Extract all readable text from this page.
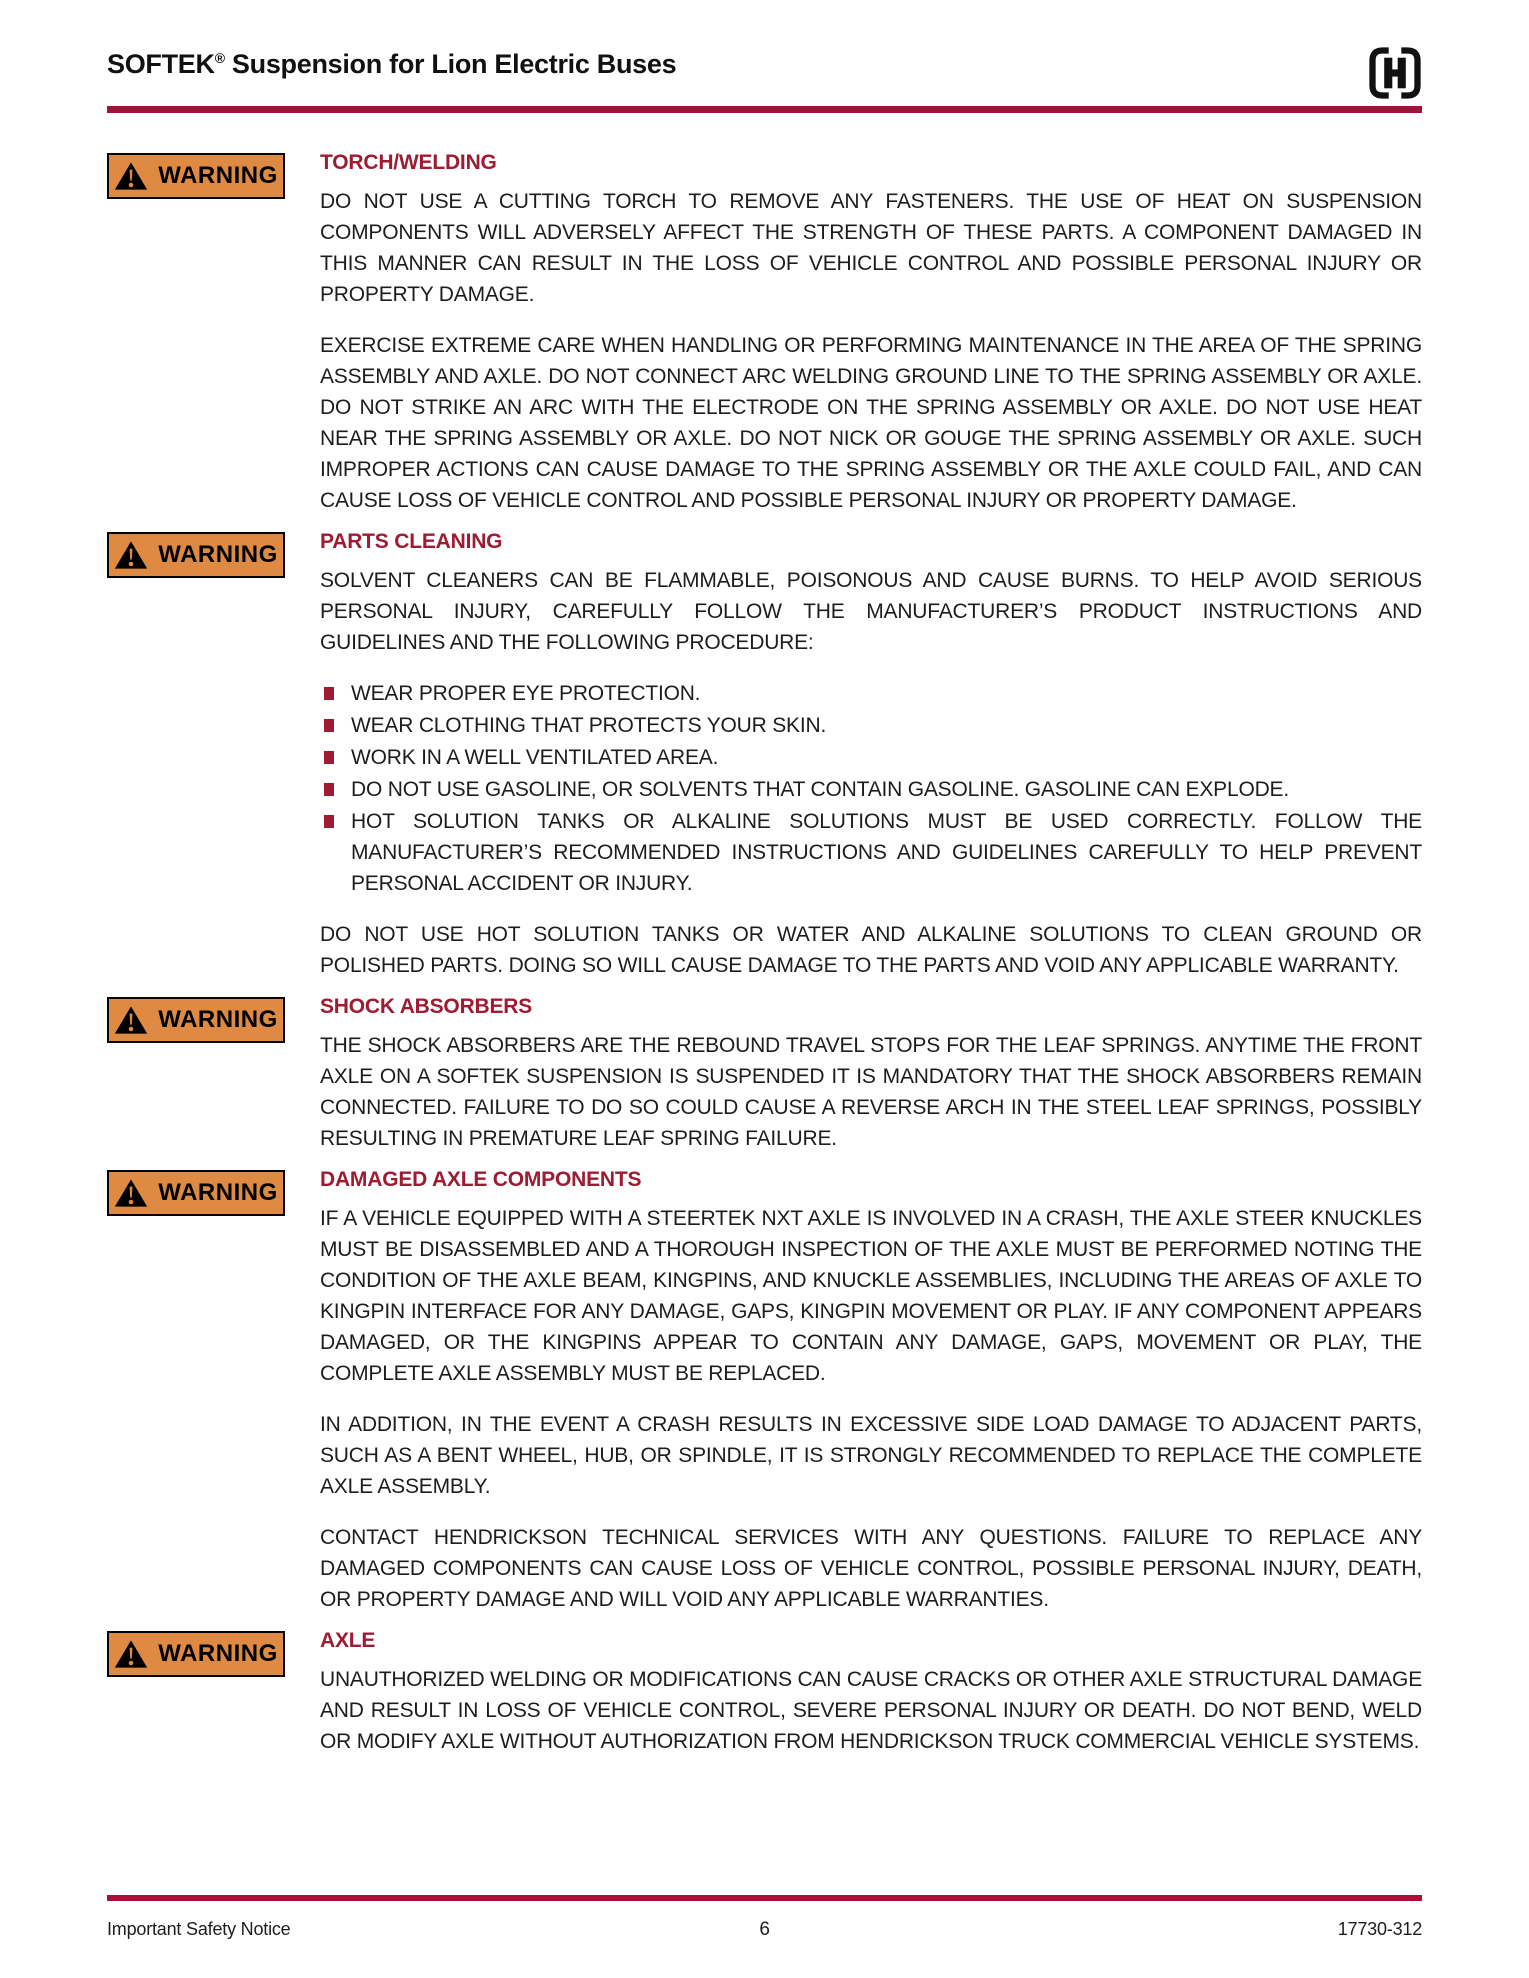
SOFTEK® Suspension for Lion Electric Buses
WARNING TORCH/WELDING

DO NOT USE A CUTTING TORCH TO REMOVE ANY FASTENERS. THE USE OF HEAT ON SUSPENSION COMPONENTS WILL ADVERSELY AFFECT THE STRENGTH OF THESE PARTS. A COMPONENT DAMAGED IN THIS MANNER CAN RESULT IN THE LOSS OF VEHICLE CONTROL AND POSSIBLE PERSONAL INJURY OR PROPERTY DAMAGE.

EXERCISE EXTREME CARE WHEN HANDLING OR PERFORMING MAINTENANCE IN THE AREA OF THE SPRING ASSEMBLY AND AXLE. DO NOT CONNECT ARC WELDING GROUND LINE TO THE SPRING ASSEMBLY OR AXLE. DO NOT STRIKE AN ARC WITH THE ELECTRODE ON THE SPRING ASSEMBLY OR AXLE. DO NOT USE HEAT NEAR THE SPRING ASSEMBLY OR AXLE. DO NOT NICK OR GOUGE THE SPRING ASSEMBLY OR AXLE. SUCH IMPROPER ACTIONS CAN CAUSE DAMAGE TO THE SPRING ASSEMBLY OR THE AXLE COULD FAIL, AND CAN CAUSE LOSS OF VEHICLE CONTROL AND POSSIBLE PERSONAL INJURY OR PROPERTY DAMAGE.

WARNING PARTS CLEANING

SOLVENT CLEANERS CAN BE FLAMMABLE, POISONOUS AND CAUSE BURNS. TO HELP AVOID SERIOUS PERSONAL INJURY, CAREFULLY FOLLOW THE MANUFACTURER’S PRODUCT INSTRUCTIONS AND GUIDELINES AND THE FOLLOWING PROCEDURE:

WEAR PROPER EYE PROTECTION.
WEAR CLOTHING THAT PROTECTS YOUR SKIN.
WORK IN A WELL VENTILATED AREA.
DO NOT USE GASOLINE, OR SOLVENTS THAT CONTAIN GASOLINE. GASOLINE CAN EXPLODE.
HOT SOLUTION TANKS OR ALKALINE SOLUTIONS MUST BE USED CORRECTLY. FOLLOW THE MANUFACTURER’S RECOMMENDED INSTRUCTIONS AND GUIDELINES CAREFULLY TO HELP PREVENT PERSONAL ACCIDENT OR INJURY.

DO NOT USE HOT SOLUTION TANKS OR WATER AND ALKALINE SOLUTIONS TO CLEAN GROUND OR POLISHED PARTS. DOING SO WILL CAUSE DAMAGE TO THE PARTS AND VOID ANY APPLICABLE WARRANTY.

WARNING SHOCK ABSORBERS

THE SHOCK ABSORBERS ARE THE REBOUND TRAVEL STOPS FOR THE LEAF SPRINGS. ANYTIME THE FRONT AXLE ON A SOFTEK SUSPENSION IS SUSPENDED IT IS MANDATORY THAT THE SHOCK ABSORBERS REMAIN CONNECTED. FAILURE TO DO SO COULD CAUSE A REVERSE ARCH IN THE STEEL LEAF SPRINGS, POSSIBLY RESULTING IN PREMATURE LEAF SPRING FAILURE.

WARNING DAMAGED AXLE COMPONENTS

IF A VEHICLE EQUIPPED WITH A STEERTEK NXT AXLE IS INVOLVED IN A CRASH, THE AXLE STEER KNUCKLES MUST BE DISASSEMBLED AND A THOROUGH INSPECTION OF THE AXLE MUST BE PERFORMED NOTING THE CONDITION OF THE AXLE BEAM, KINGPINS, AND KNUCKLE ASSEMBLIES, INCLUDING THE AREAS OF AXLE TO KINGPIN INTERFACE FOR ANY DAMAGE, GAPS, KINGPIN MOVEMENT OR PLAY. IF ANY COMPONENT APPEARS DAMAGED, OR THE KINGPINS APPEAR TO CONTAIN ANY DAMAGE, GAPS, MOVEMENT OR PLAY, THE COMPLETE AXLE ASSEMBLY MUST BE REPLACED.

IN ADDITION, IN THE EVENT A CRASH RESULTS IN EXCESSIVE SIDE LOAD DAMAGE TO ADJACENT PARTS, SUCH AS A BENT WHEEL, HUB, OR SPINDLE, IT IS STRONGLY RECOMMENDED TO REPLACE THE COMPLETE AXLE ASSEMBLY.

CONTACT HENDRICKSON TECHNICAL SERVICES WITH ANY QUESTIONS. FAILURE TO REPLACE ANY DAMAGED COMPONENTS CAN CAUSE LOSS OF VEHICLE CONTROL, POSSIBLE PERSONAL INJURY, DEATH, OR PROPERTY DAMAGE AND WILL VOID ANY APPLICABLE WARRANTIES.

WARNING AXLE

UNAUTHORIZED WELDING OR MODIFICATIONS CAN CAUSE CRACKS OR OTHER AXLE STRUCTURAL DAMAGE AND RESULT IN LOSS OF VEHICLE CONTROL, SEVERE PERSONAL INJURY OR DEATH. DO NOT BEND, WELD OR MODIFY AXLE WITHOUT AUTHORIZATION FROM HENDRICKSON TRUCK COMMERCIAL VEHICLE SYSTEMS.

Important Safety Notice	6	17730-312
